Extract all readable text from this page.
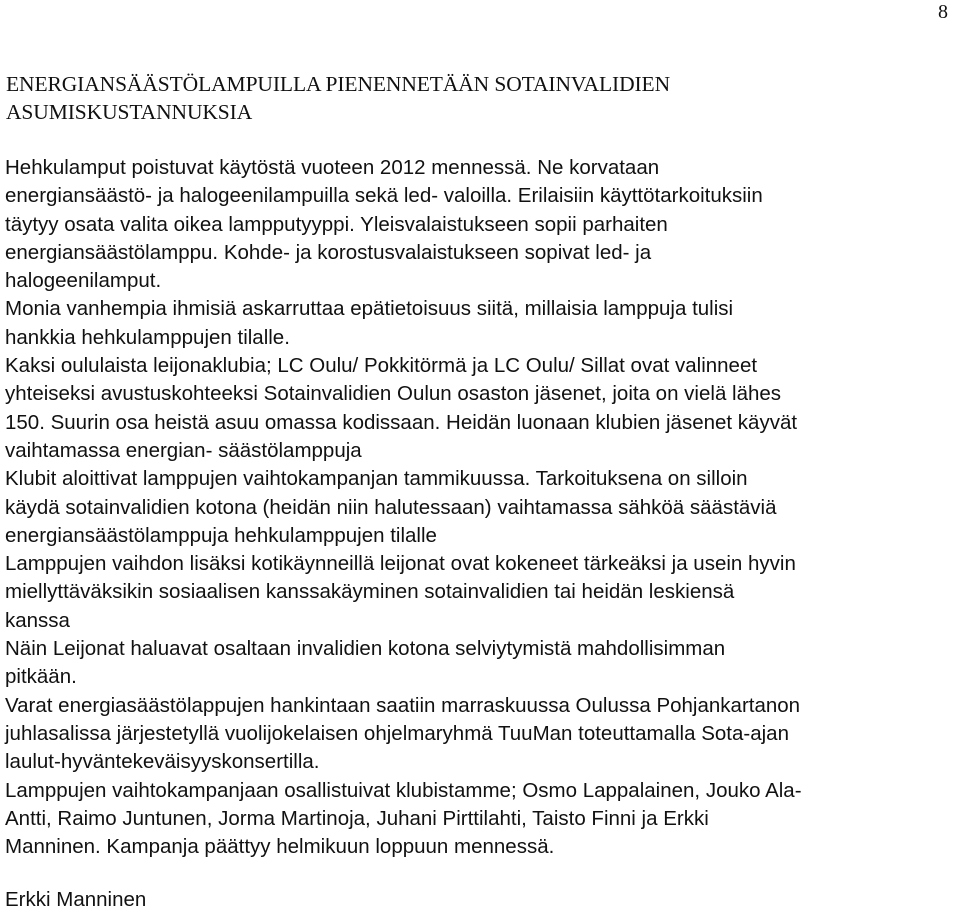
8
ENERGIANSÄÄSTÖLAMPUILLA PIENENNETÄÄN SOTAINVALIDIEN
ASUMISKUSTANNUKSIA
Hehkulamput poistuvat käytöstä vuoteen 2012 mennessä. Ne korvataan
energiansäästö- ja halogeenilampuilla sekä led- valoilla. Erilaisiin käyttötarkoituksiin
täytyy osata valita oikea lampputyyppi. Yleisvalaistukseen sopii parhaiten
energiansäästölamppu. Kohde- ja korostusvalaistukseen sopivat led- ja
halogeenilamput.
Monia vanhempia ihmisiä askarruttaa epätietoisuus siitä, millaisia lamppuja tulisi
hankkia hehkulamppujen tilalle.
Kaksi oululaista leijonaklubia; LC Oulu/ Pokkitörmä ja LC Oulu/ Sillat ovat valinneet
yhteiseksi avustuskohteeksi Sotainvalidien Oulun osaston jäsenet, joita on vielä lähes
150. Suurin osa heistä asuu omassa kodissaan. Heidän luonaan klubien jäsenet käyvät
vaihtamassa energian- säästölamppuja
Klubit aloittivat lamppujen vaihtokampanjan tammikuussa. Tarkoituksena on silloin
käydä sotainvalidien kotona (heidän niin halutessaan) vaihtamassa sähköä säästäviä
energiansäästölamppuja hehkulamppujen tilalle
Lamppujen vaihdon lisäksi kotikäynneillä leijonat ovat kokeneet tärkeäksi ja usein hyvin
miellyttäväksikin sosiaalisen kanssakäyminen sotainvalidien tai heidän leskiensä
kanssa
Näin Leijonat haluavat osaltaan invalidien kotona selviytymistä mahdollisimman
pitkään.
Varat energiasäästölappujen hankintaan saatiin marraskuussa Oulussa Pohjankartanon
juhlasalissa järjestetyllä vuolijokelaisen ohjelmaryhmä TuuMan toteuttamalla Sota-ajan
laulut-hyväntekeväisyyskonsertilla.
Lamppujen vaihtokampanjaan osallistuivat klubistamme; Osmo Lappalainen, Jouko Ala-
Antti, Raimo Juntunen, Jorma Martinoja, Juhani Pirttilahti, Taisto Finni ja Erkki
Manninen. Kampanja päättyy helmikuun loppuun mennessä.
Erkki Manninen
